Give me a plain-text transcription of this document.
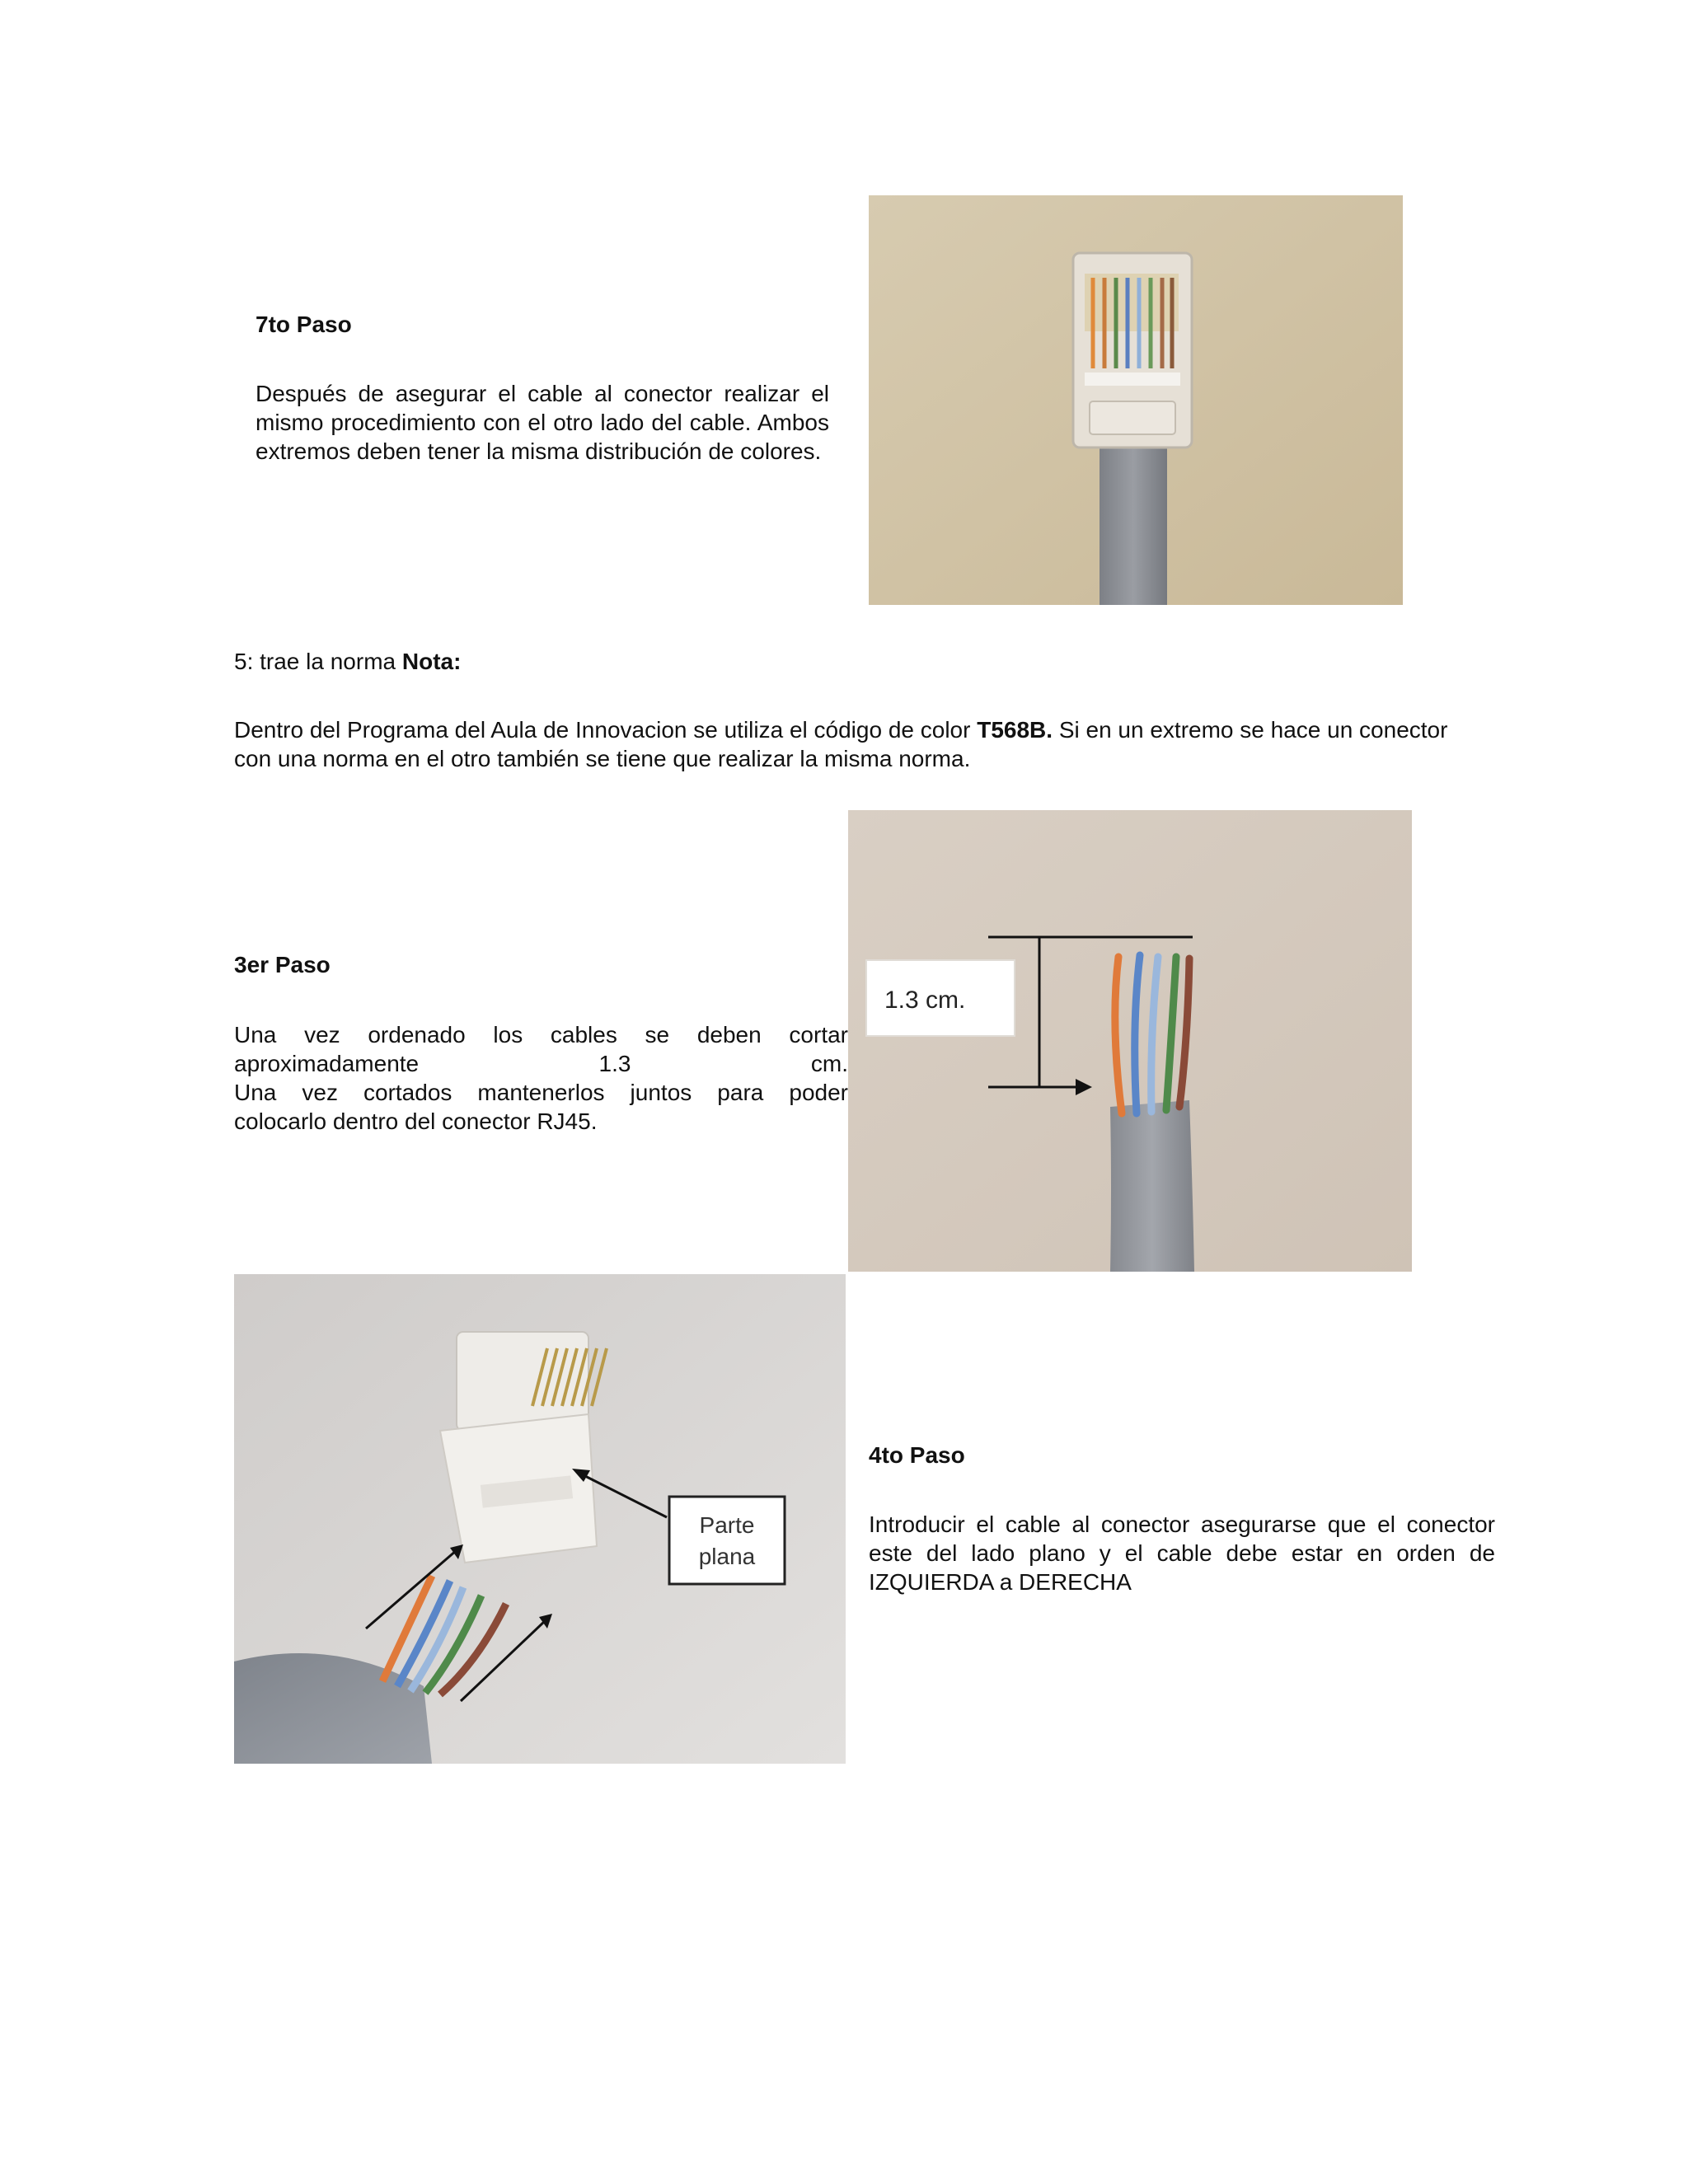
7to Paso
Después de asegurar el cable al conector realizar el mismo procedimiento con el otro lado del cable. Ambos extremos deben tener la misma distribución de colores.
5: trae la norma Nota:
Dentro del Programa del Aula de Innovacion se utiliza el código de color T568B. Si en un extremo se hace un conector con una norma en el otro también se tiene que realizar la misma norma.
3er Paso
Una vez ordenado los cables se deben cortar
aproximadamente	1.3	cm.
Una vez cortados mantenerlos juntos para poder
colocarlo dentro del conector RJ45.
1.3 cm.
Parte
plana
4to Paso
Introducir el cable al conector asegurarse que el conector este del lado plano y el cable debe estar en orden de IZQUIERDA a DERECHA
